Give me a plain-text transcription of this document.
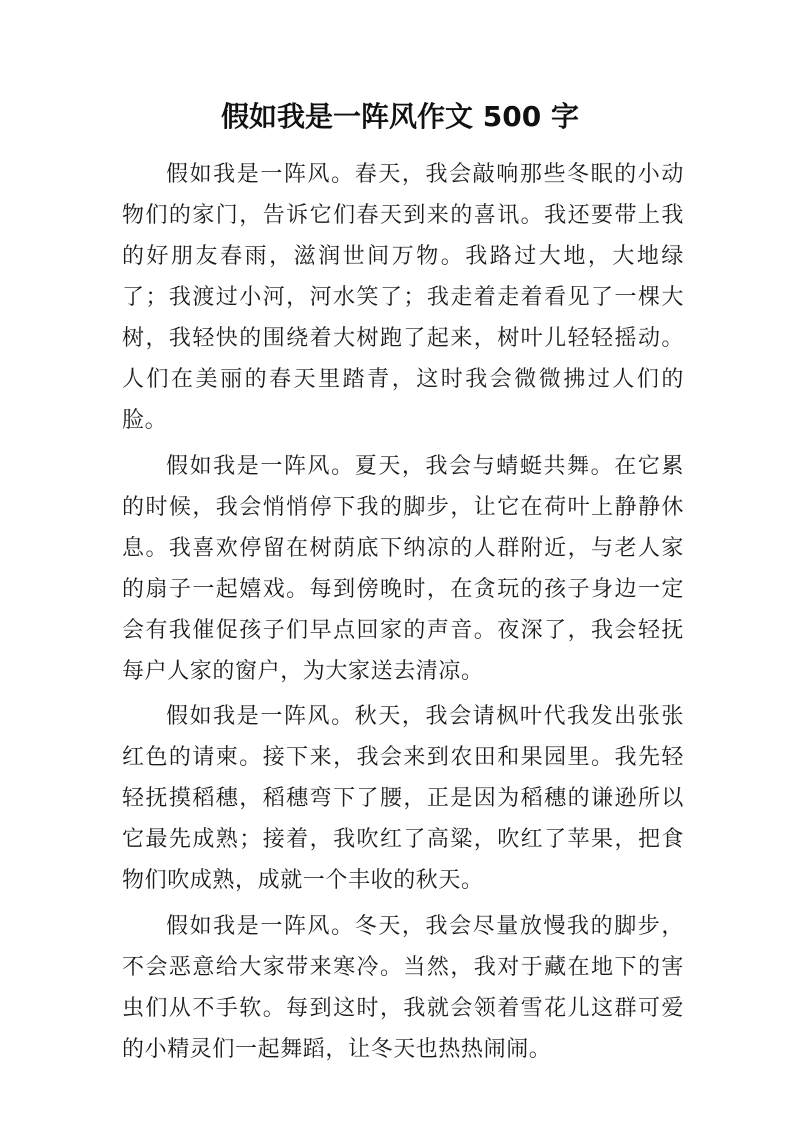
假如我是一阵风作文 500 字

假如我是一阵风。春天，我会敲响那些冬眠的小动物们的家门，告诉它们春天到来的喜讯。我还要带上我的好朋友春雨，滋润世间万物。我路过大地，大地绿了；我渡过小河，河水笑了；我走着走着看见了一棵大树，我轻快的围绕着大树跑了起来，树叶儿轻轻摇动。人们在美丽的春天里踏青，这时我会微微拂过人们的脸。

假如我是一阵风。夏天，我会与蜻蜓共舞。在它累的时候，我会悄悄停下我的脚步，让它在荷叶上静静休息。我喜欢停留在树荫底下纳凉的人群附近，与老人家的扇子一起嬉戏。每到傍晚时，在贪玩的孩子身边一定会有我催促孩子们早点回家的声音。夜深了，我会轻抚每户人家的窗户，为大家送去清凉。

假如我是一阵风。秋天，我会请枫叶代我发出张张红色的请柬。接下来，我会来到农田和果园里。我先轻轻抚摸稻穗，稻穗弯下了腰，正是因为稻穗的谦逊所以它最先成熟；接着，我吹红了高粱，吹红了苹果，把食物们吹成熟，成就一个丰收的秋天。

假如我是一阵风。冬天，我会尽量放慢我的脚步，不会恶意给大家带来寒冷。当然，我对于藏在地下的害虫们从不手软。每到这时，我就会领着雪花儿这群可爱的小精灵们一起舞蹈，让冬天也热热闹闹。
